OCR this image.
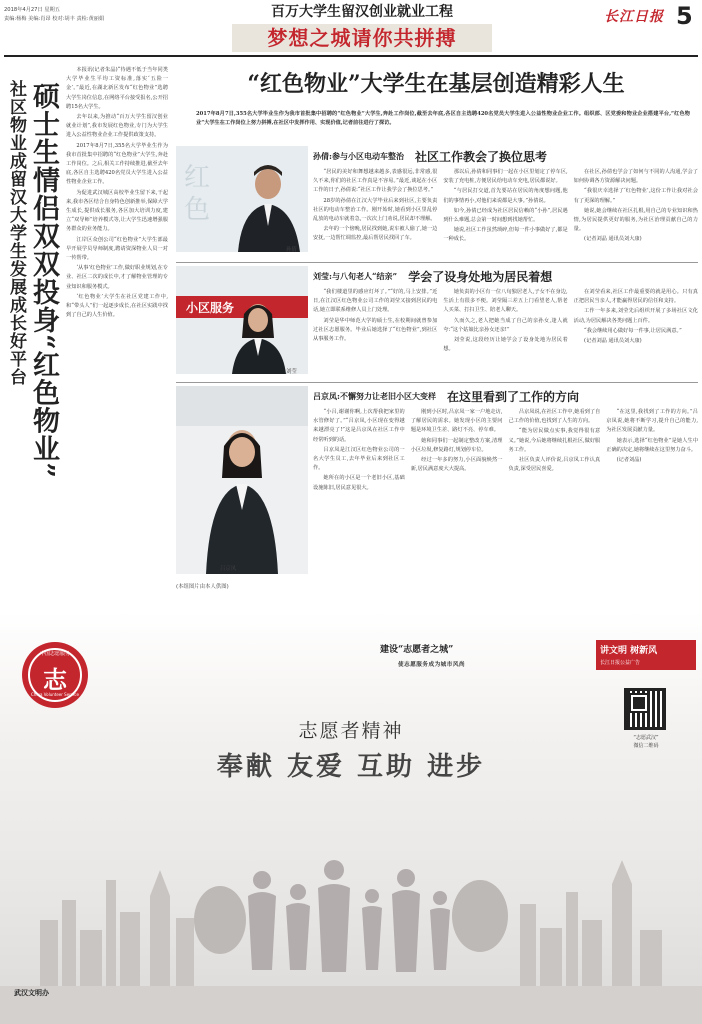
2018年4月27日 星期五
责编:杨梅 美编:肖昂 校对:胡丰 责检:黄丽娟	百万大学生留汉创业就业工程
梦想之城请你共拼搏
长江日报 5
社区物业成留汉大学生发展成长好平台 硕士生情侣双双投身“红色物业”

本报讯(记者朱晶)“待遇不低于当年同类大学毕业生平均工资标准,落实‘五险一金’。”最近,在湖北新区发布“红色物业”选聘大学生岗位信息,在网络平台接受报名,公开招聘15名大学生。

去年以来,为推动“百万大学生留汉创业就业计划”,我市发展红色物业,专门为大学生进入公益性物业企业工作提供政策支持。

2017年8月7日,355名大学毕业生作为我市首批集中招聘的“红色物业”大学生,奔赴工作岗位。之后,相关工作持续推进,截至去年底,各区自主选聘420名党员大学生进入公益性物业企业工作。

为促进武汉城区高校毕业生留下来,干起来,我市各区结合自身特色创新推举,保障大学生成长,提供成长服务,各区加大培训力度,建立“双导师”培养模式等,让大学生迅速增强服务群众的业务能力。

江岸区众创公司“红色物业”大学生部最早开展学员导师制度,聘请资深物业人员一对一传帮带。

‘从事’红色物业’工作,做好职业规划,在专业、社区二次的成长中,才了解物业管理的专业知识和服务模式。

‘红色物业’大学生在社区党建工作中,和“带头人”们一起逐步成长,在社区实践中找到了自己的人生价值。

“红色物业”大学生在基层创造精彩人生
2017年8月7日,355名大学毕业生作为我市首批集中招聘的“红色物业”大学生,奔赴工作岗位,截至去年底,各区自主选聘420名党员大学生进入公益性物业企业工作。组织部、区党委和物业企业搭建平台,“红色物业”大学生在工作岗位上努力拼搏,在社区中发挥作用、实现价值,记者前往进行了探访。
红
色
孙倩
孙倩:参与小区电动车整治 社区工作教会了换位思考

“居民的美好和舞想越来越多,表感很远,非常感,很久不来,你们的社区工作真是不容易。”最近,谈起在小区工作的日子,孙倩说:“社区工作让我学会了换位思考。”

28岁的孙倩在江汉大学毕业后来到社区,主要负责社区的电动车整治工作。刚开始时,她看到小区里乱停乱放的电动车就着急,一次次上门劝说,居民却不理解。

去年的一个傍晚,居民找到她,说车被人偷了,她一边安抚,一边帮忙调监控,最后帮居民找回了车。

那以后,孙倩和同事们一起在小区里划定了停车区,安装了充电桩,方便居民给电动车充电,居民都说好。

“与居民打交道,首先要站在居民的角度想问题,他们的事情再小,对他们来说都是大事。”孙倩说。

如今,孙倩已经成为社区居民信赖的“小孙”,居民遇到什么难题,总会第一时间想到找她帮忙。

她说,社区工作虽然琐碎,但每一件小事做好了,都是一种成长。

在社区,孙倩也学会了如何与不同的人沟通,学会了如何协调各方资源解决问题。

“我很庆幸选择了‘红色物业’,这份工作让我对社会有了更深的理解。”

她说,她会继续在社区扎根,用自己的专业知识和热情,为居民提供更好的服务,为社区治理贡献自己的力量。

(记者刘晶 通讯员刘大康)

小区服务
刘莹
刘莹:与八旬老人“结亲” 学会了设身处地为居民着想

“我们楼道里的感应灯坏了。”“好的,马上安排。”近日,在江汉区红色物业公司工作的刘莹又接到居民的电话,她立即联系维修人员上门处理。

刘莹是华中师范大学的硕士生,在校期间就曾参加过社区志愿服务。毕业后她选择了“红色物业”,到社区从事服务工作。

她负责的小区有一位八旬独居老人,子女不在身边,生活上有很多不便。刘莹隔三差五上门看望老人,帮老人买菜、打扫卫生、陪老人聊天。

久而久之,老人把她当成了自己的亲孙女,逢人就夸:“这个姑娘比亲孙女还亲!”

刘莹说,这段经历让她学会了设身处地为居民着想。

在刘莹看来,社区工作最重要的就是用心。只有真正把居民当亲人,才能赢得居民的信任和支持。

工作一年多来,刘莹先后组织开展了多场社区文化活动,为居民解决各类问题上百件。

“我会继续用心做好每一件事,让居民满意。”

(记者刘晶 通讯员刘大康)

吕京凤
(本组图片由本人供图)
吕京凤:不懈努力让老旧小区大变样 在这里看到了工作的方向

“小吕,谢谢你啊,上次帮我把家里的水管修好了。”“吕京凤,小区现在变得越来越漂亮了!”这是吕京凤在社区工作中经常听到的话。

吕京凤是江汉区红色物业公司的一名大学生员工,去年毕业后来到社区工作。

她所在的小区是一个老旧小区,基础设施陈旧,居民意见很大。

刚到小区时,吕京凤一家一户地走访,了解居民的需求。她发现小区的主要问题是环境卫生差、路灯不亮、停车难。

她和同事们一起制定整改方案,清理小区垃圾,修复路灯,规划停车位。

经过一年多的努力,小区面貌焕然一新,居民满意度大大提高。

吕京凤说,在社区工作中,她看到了自己工作的价值,也找到了人生的方向。

“能为居民做点实事,我觉得很有意义。”她说,今后她将继续扎根社区,做好服务工作。

社区负责人评价说,吕京凤工作认真负责,深受居民喜爱。

“在这里,我找到了工作的方向。”吕京凤说,她将不断学习,提升自己的能力,为社区发展贡献力量。

她表示,选择“红色物业”是她人生中正确的决定,她将继续在这里努力奋斗。

(记者刘晶)

中国志愿服务
志
China Volunteer Service
建设“志愿者之城”
使志愿服务成为城市风尚
讲文明 树新风
长江日报公益广告
“志愿武汉”
微信二维码
志愿者精神
奉献 友爱 互助 进步
武汉文明办
